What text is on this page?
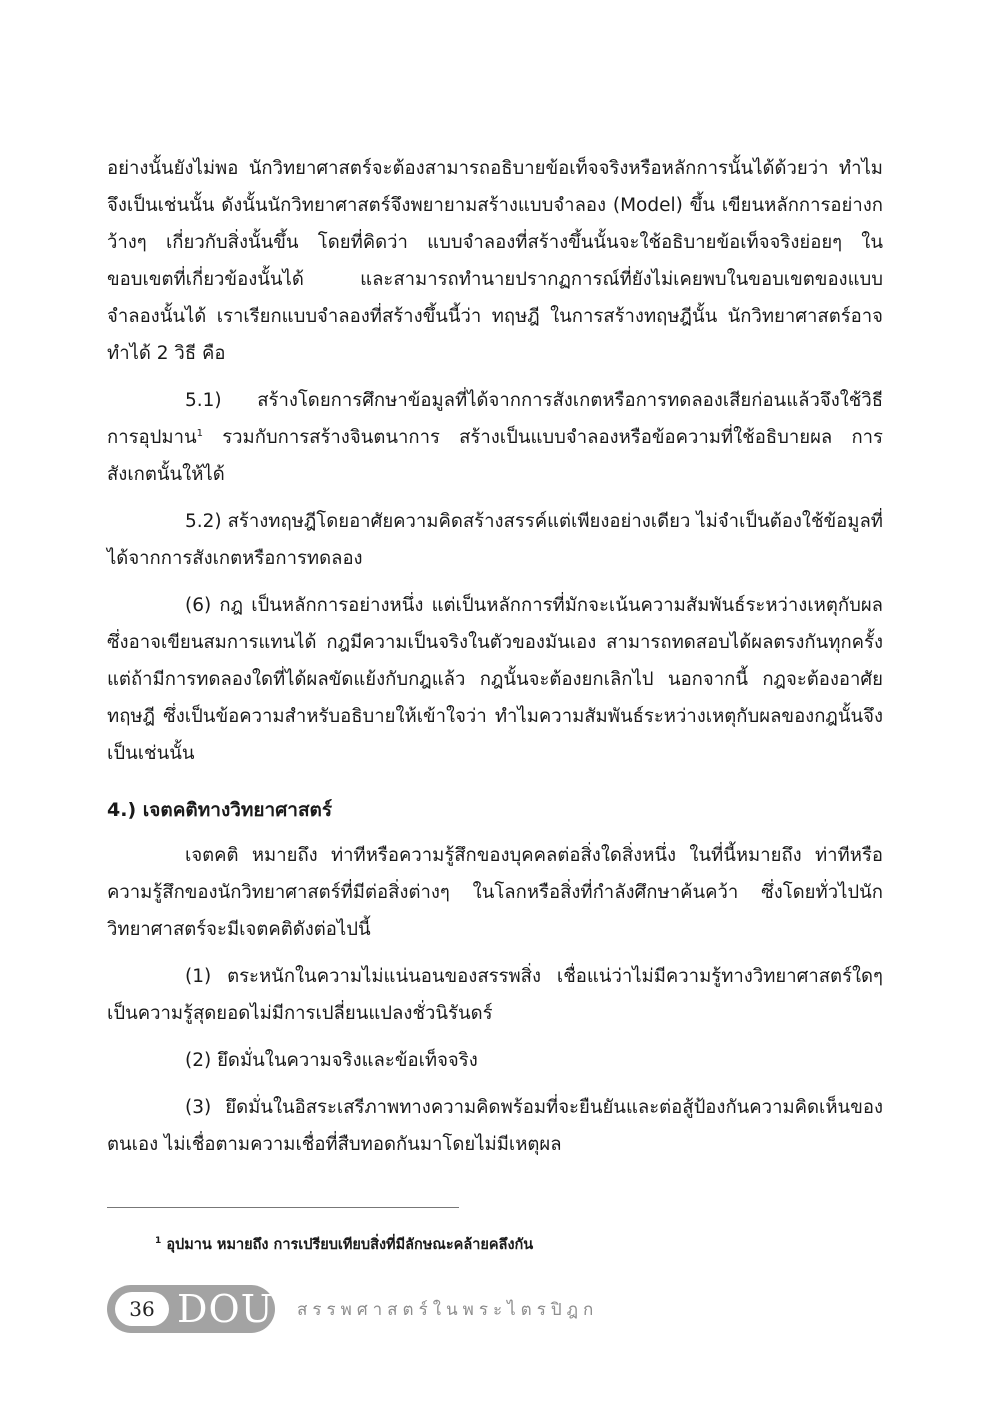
อย่างนั้นยังไม่พอ นักวิทยาศาสตร์จะต้องสามารถอธิบายข้อเท็จจริงหรือหลักการนั้นได้ด้วยว่า ทำไมจึงเป็นเช่นนั้น ดังนั้นนักวิทยาศาสตร์จึงพยายามสร้างแบบจำลอง (Model) ขึ้น เขียนหลักการอย่างกว้างๆ เกี่ยวกับสิ่งนั้นขึ้น โดยที่คิดว่า แบบจำลองที่สร้างขึ้นนั้นจะใช้อธิบายข้อเท็จจริงย่อยๆ ในขอบเขตที่เกี่ยวข้องนั้นได้ และสามารถทำนายปรากฏการณ์ที่ยังไม่เคยพบในขอบเขตของแบบจำลองนั้นได้ เราเรียกแบบจำลองที่สร้างขึ้นนี้ว่า ทฤษฎี ในการสร้างทฤษฎีนั้น นักวิทยาศาสตร์อาจทำได้ 2 วิธี คือ

5.1) สร้างโดยการศึกษาข้อมูลที่ได้จากการสังเกตหรือการทดลองเสียก่อนแล้วจึงใช้วิธีการอุปมาน$^1$ รวมกับการสร้างจินตนาการ สร้างเป็นแบบจำลองหรือข้อความที่ใช้อธิบายผล การสังเกตนั้นให้ได้

5.2) สร้างทฤษฎีโดยอาศัยความคิดสร้างสรรค์แต่เพียงอย่างเดียว ไม่จำเป็นต้องใช้ข้อมูลที่ได้จากการสังเกตหรือการทดลอง

(6) กฎ เป็นหลักการอย่างหนึ่ง แต่เป็นหลักการที่มักจะเน้นความสัมพันธ์ระหว่างเหตุกับผล ซึ่งอาจเขียนสมการแทนได้ กฎมีความเป็นจริงในตัวของมันเอง สามารถทดสอบได้ผลตรงกันทุกครั้ง แต่ถ้ามีการทดลองใดที่ได้ผลขัดแย้งกับกฎแล้ว กฎนั้นจะต้องยกเลิกไป นอกจากนี้ กฎจะต้องอาศัยทฤษฎี ซึ่งเป็นข้อความสำหรับอธิบายให้เข้าใจว่า ทำไมความสัมพันธ์ระหว่างเหตุกับผลของกฎนั้นจึงเป็นเช่นนั้น

4.) เจตคติทางวิทยาศาสตร์

เจตคติ หมายถึง ท่าทีหรือความรู้สึกของบุคคลต่อสิ่งใดสิ่งหนึ่ง ในที่นี้หมายถึง ท่าทีหรือความรู้สึกของนักวิทยาศาสตร์ที่มีต่อสิ่งต่างๆ ในโลกหรือสิ่งที่กำลังศึกษาค้นคว้า ซึ่งโดยทั่วไปนักวิทยาศาสตร์จะมีเจตคติดังต่อไปนี้

(1) ตระหนักในความไม่แน่นอนของสรรพสิ่ง เชื่อแน่ว่าไม่มีความรู้ทางวิทยาศาสตร์ใดๆ เป็นความรู้สุดยอดไม่มีการเปลี่ยนแปลงชั่วนิรันดร์

(2) ยึดมั่นในความจริงและข้อเท็จจริง

(3) ยึดมั่นในอิสระเสรีภาพทางความคิดพร้อมที่จะยืนยันและต่อสู้ป้องกันความคิดเห็นของตนเอง ไม่เชื่อตามความเชื่อที่สืบทอดกันมาโดยไม่มีเหตุผล

$^1$ อุปมาน หมายถึง การเปรียบเทียบสิ่งที่มีลักษณะคล้ายคลึงกัน
36 DOU สรรพศาสตร์ในพระไตรปิฎก
